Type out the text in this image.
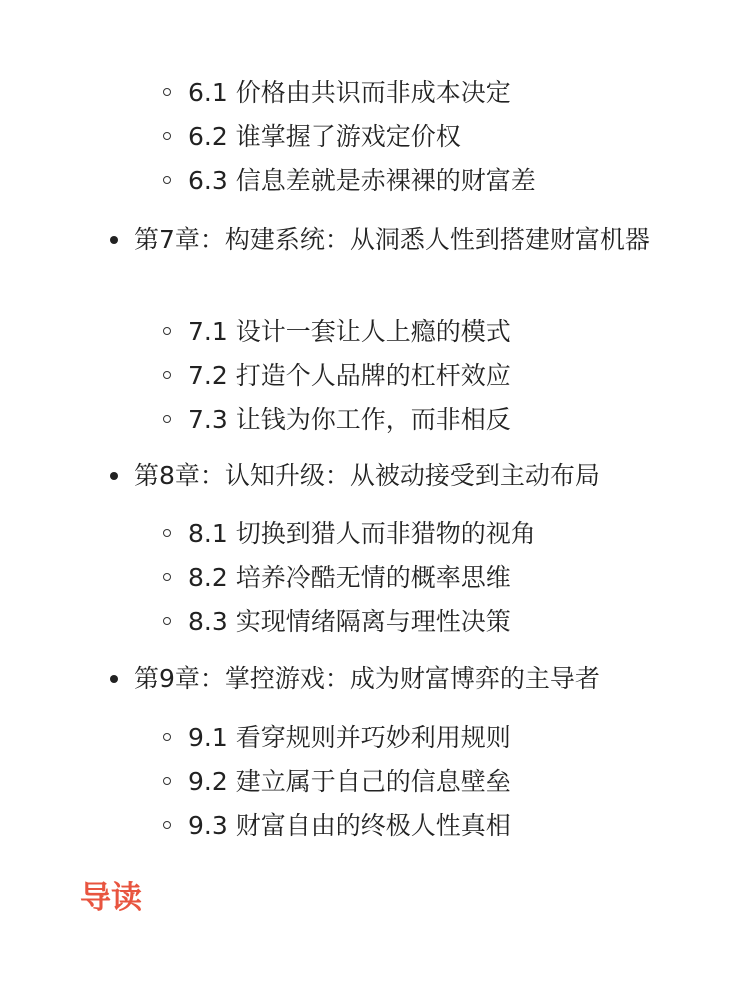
6.1 价格由共识而非成本决定
6.2 谁掌握了游戏定价权
6.3 信息差就是赤裸裸的财富差
第7章：构建系统：从洞悉人性到搭建财富机器
7.1 设计一套让人上瘾的模式
7.2 打造个人品牌的杠杆效应
7.3 让钱为你工作，而非相反
第8章：认知升级：从被动接受到主动布局
8.1 切换到猎人而非猎物的视角
8.2 培养冷酷无情的概率思维
8.3 实现情绪隔离与理性决策
第9章：掌控游戏：成为财富博弈的主导者
9.1 看穿规则并巧妙利用规则
9.2 建立属于自己的信息壁垒
9.3 财富自由的终极人性真相
导读
